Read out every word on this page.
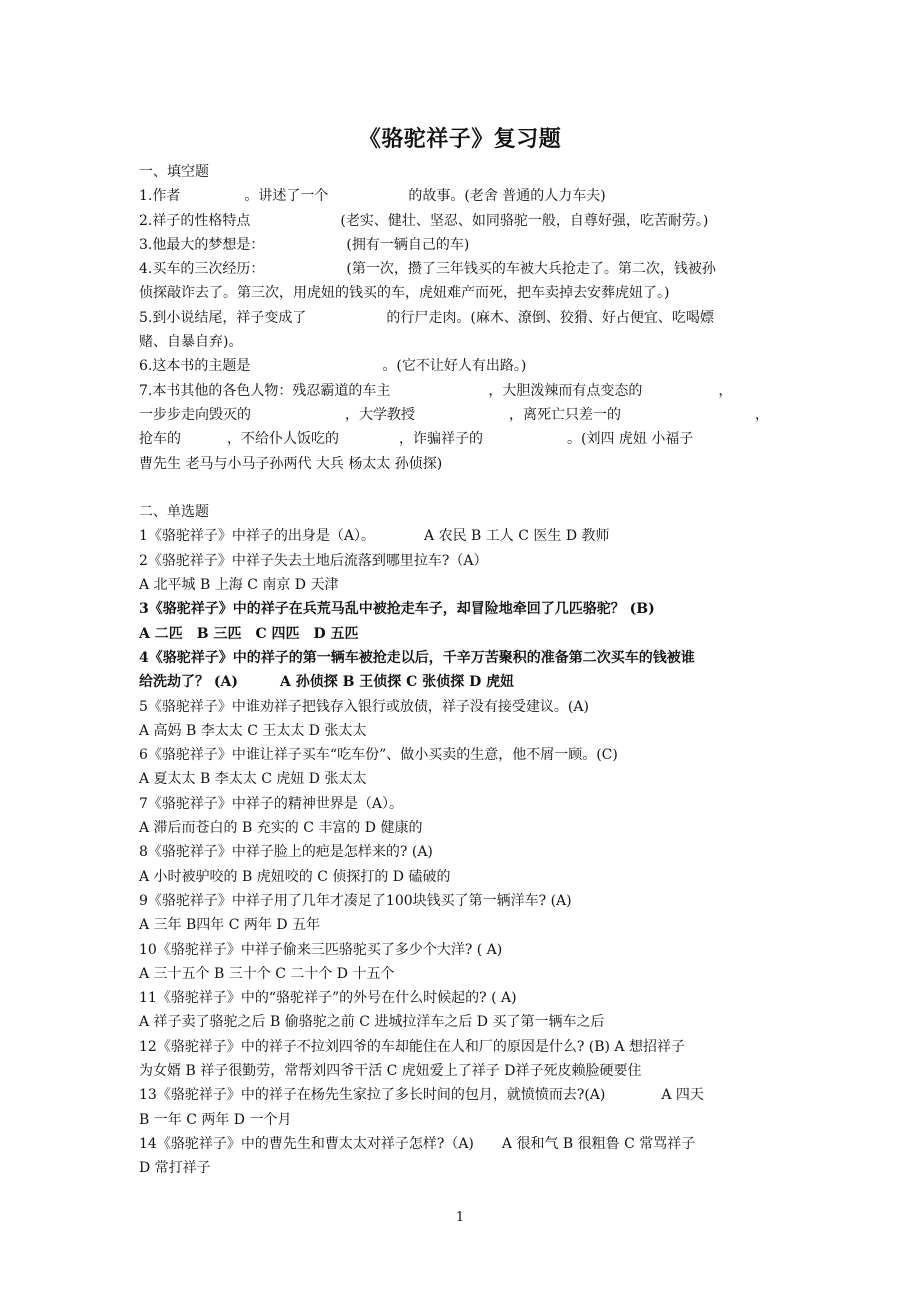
《骆驼祥子》复习题
一、填空题
1.作者	。讲述了一个	的故事。(老舍 普通的人力车夫)
2.祥子的性格特点	(老实、健壮、坚忍、如同骆驼一般，自尊好强，吃苦耐劳。)
3.他最大的梦想是：	(拥有一辆自己的车)
4.买车的三次经历：	(第一次，攒了三年钱买的车被大兵抢走了。第二次，钱被孙
侦探敲诈去了。第三次，用虎妞的钱买的车，虎妞难产而死，把车卖掉去安葬虎妞了。)
5.到小说结尾，祥子变成了	的行尸走肉。(麻木、潦倒、狡猾、好占便宜、吃喝嫖
赌、自暴自弃)。
6.这本书的主题是	。(它不让好人有出路。)
7.本书其他的各色人物：残忍霸道的车主	，大胆泼辣而有点变态的	，
一步步走向毁灭的	，大学教授	，离死亡只差一的	，
抢车的	，不给仆人饭吃的	，诈骗祥子的	。(刘四 虎妞 小福子
曹先生 老马与小马子孙两代 大兵 杨太太 孙侦探)
二、单选题
1《骆驼祥子》中祥子的出身是（A）。　　　　A 农民 B 工人 C 医生 D 教师
2《骆驼祥子》中祥子失去土地后流落到哪里拉车?（A）
A 北平城 B 上海 C 南京 D 天津
3《骆驼祥子》中的祥子在兵荒马乱中被抢走车子，却冒险地牵回了几匹骆驼？ (B)
A 二匹　B 三匹　C 四匹　D 五匹
4《骆驼祥子》中的祥子的第一辆车被抢走以后，千辛万苦聚积的准备第二次买车的钱被谁
给洗劫了？ (A)　　　A 孙侦探 B 王侦探 C 张侦探 D 虎妞
5《骆驼祥子》中谁劝祥子把钱存入银行或放债，祥子没有接受建议。(A)
A 高妈 B 李太太 C 王太太 D 张太太
6《骆驼祥子》中谁让祥子买车“吃车份”、做小买卖的生意，他不屑一顾。(C)
A 夏太太 B 李太太 C 虎妞 D 张太太
7《骆驼祥子》中祥子的精神世界是（A）。
A 滞后而苍白的 B 充实的 C 丰富的 D 健康的
8《骆驼祥子》中祥子脸上的疤是怎样来的? (A)
A 小时被驴咬的 B 虎妞咬的 C 侦探打的 D 磕破的
9《骆驼祥子》中祥子用了几年才凑足了100块钱买了第一辆洋车? (A)
A 三年 B四年 C 两年 D 五年
10《骆驼祥子》中祥子偷来三匹骆驼买了多少个大洋? ( A)
A 三十五个 B 三十个 C 二十个 D 十五个
11《骆驼祥子》中的“骆驼祥子”的外号在什么时候起的? ( A)
A 祥子卖了骆驼之后 B 偷骆驼之前 C 进城拉洋车之后 D 买了第一辆车之后
12《骆驼祥子》中的祥子不拉刘四爷的车却能住在人和厂的原因是什么? (B) A 想招祥子
为女婿 B 祥子很勤劳，常帮刘四爷干活 C 虎妞爱上了祥子 D祥子死皮赖脸硬要住
13《骆驼祥子》中的祥子在杨先生家拉了多长时间的包月，就愤愤而去?(A)　　　　A 四天
B 一年 C 两年 D 一个月
14《骆驼祥子》中的曹先生和曹太太对祥子怎样?（A)　　A 很和气 B 很粗鲁 C 常骂祥子
D 常打祥子
1
